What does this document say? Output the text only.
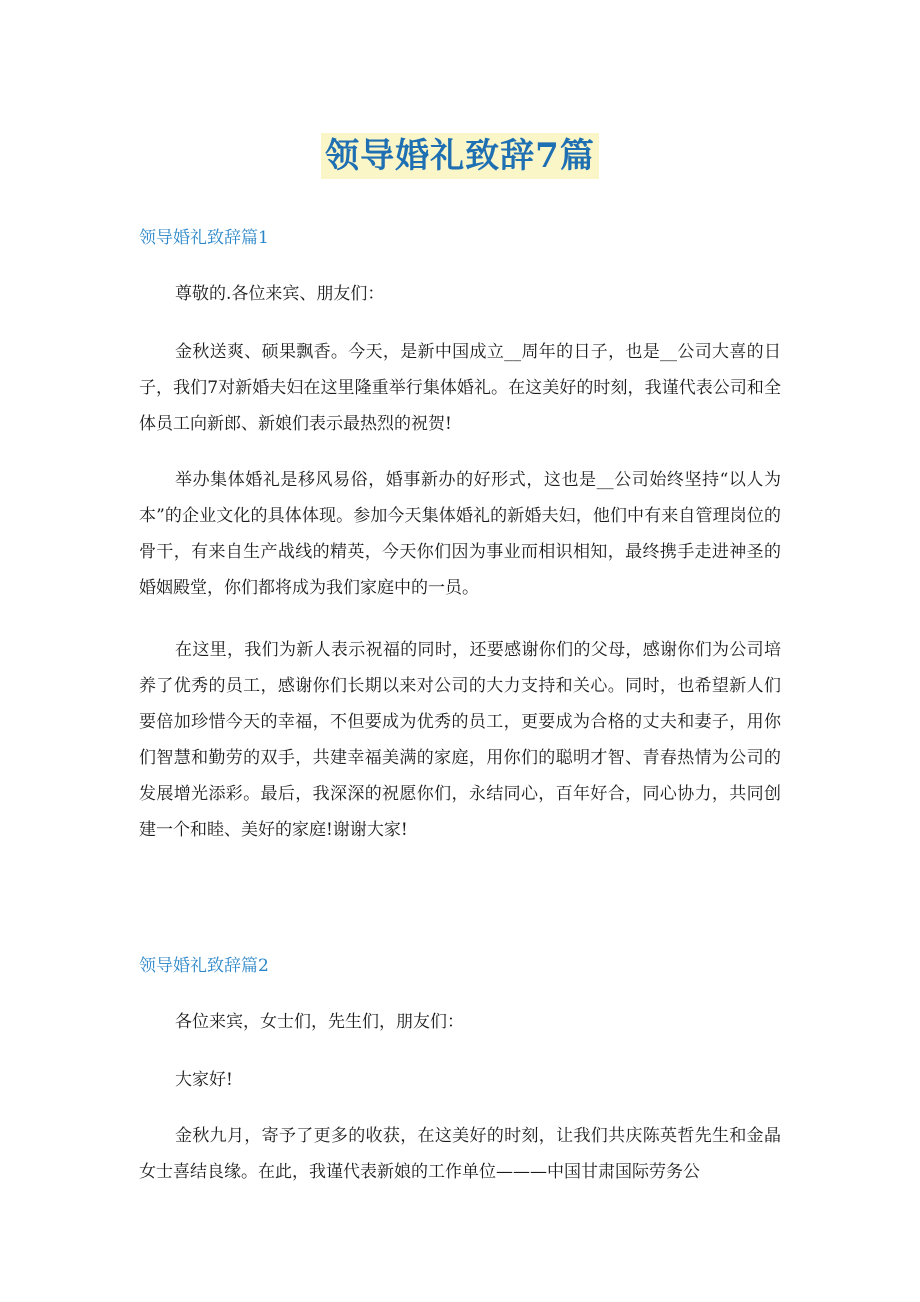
领导婚礼致辞7篇
领导婚礼致辞篇1

尊敬的.各位来宾、朋友们：

金秋送爽、硕果飘香。今天，是新中国成立__周年的日子，也是__公司大喜的日子，我们7对新婚夫妇在这里隆重举行集体婚礼。在这美好的时刻，我谨代表公司和全体员工向新郎、新娘们表示最热烈的祝贺!

举办集体婚礼是移风易俗，婚事新办的好形式，这也是__公司始终坚持“以人为本”的企业文化的具体体现。参加今天集体婚礼的新婚夫妇，他们中有来自管理岗位的骨干，有来自生产战线的精英，今天你们因为事业而相识相知，最终携手走进神圣的婚姻殿堂，你们都将成为我们家庭中的一员。

在这里，我们为新人表示祝福的同时，还要感谢你们的父母，感谢你们为公司培养了优秀的员工，感谢你们长期以来对公司的大力支持和关心。同时，也希望新人们要倍加珍惜今天的幸福，不但要成为优秀的员工，更要成为合格的丈夫和妻子，用你们智慧和勤劳的双手，共建幸福美满的家庭，用你们的聪明才智、青春热情为公司的发展增光添彩。最后，我深深的祝愿你们，永结同心，百年好合，同心协力，共同创建一个和睦、美好的家庭!谢谢大家!

领导婚礼致辞篇2

各位来宾，女士们，先生们，朋友们：

大家好!

金秋九月，寄予了更多的收获，在这美好的时刻，让我们共庆陈英哲先生和金晶女士喜结良缘。在此，我谨代表新娘的工作单位———中国甘肃国际劳务公
